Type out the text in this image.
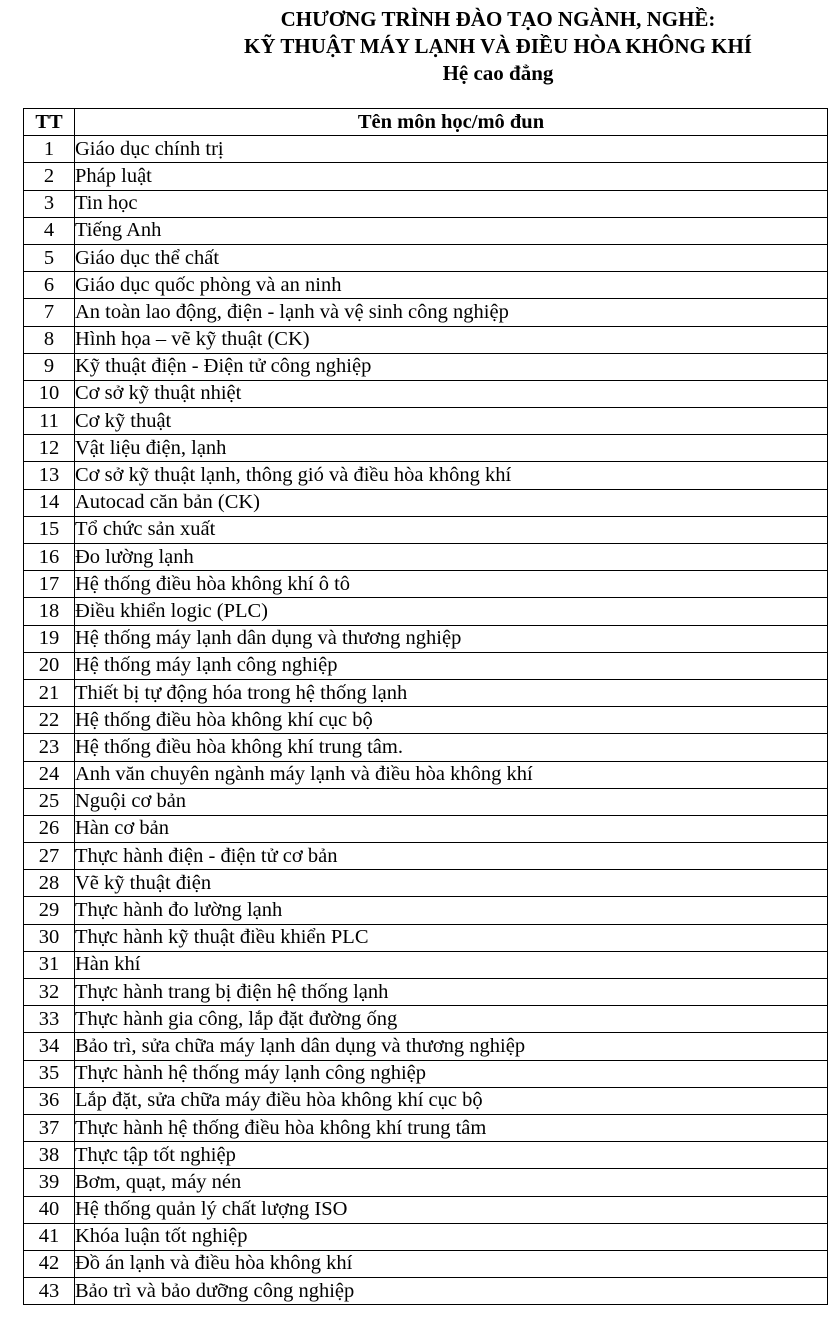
CHƯƠNG TRÌNH ĐÀO TẠO NGÀNH, NGHỀ:
KỸ THUẬT MÁY LẠNH VÀ ĐIỀU HÒA KHÔNG KHÍ
Hệ cao đẳng
TT	Tên môn học/mô đun
1	Giáo dục chính trị
2	Pháp luật
3	Tin học
4	Tiếng Anh
5	Giáo dục thể chất
6	Giáo dục quốc phòng và an ninh
7	An toàn lao động, điện - lạnh và vệ sinh công nghiệp
8	Hình họa – vẽ kỹ thuật (CK)
9	Kỹ thuật điện - Điện tử công nghiệp
10	Cơ sở kỹ thuật nhiệt
11	Cơ kỹ thuật
12	Vật liệu điện, lạnh
13	Cơ sở kỹ thuật lạnh, thông gió và điều hòa không khí
14	Autocad căn bản (CK)
15	Tổ chức sản xuất
16	Đo lường lạnh
17	Hệ thống điều hòa không khí ô tô
18	Điều khiển logic (PLC)
19	Hệ thống máy lạnh dân dụng và thương nghiệp
20	Hệ thống máy lạnh công nghiệp
21	Thiết bị tự động hóa trong hệ thống lạnh
22	Hệ thống điều hòa không khí cục bộ
23	Hệ thống điều hòa không khí trung tâm.
24	Anh văn chuyên ngành máy lạnh và điều hòa không khí
25	Nguội cơ bản
26	Hàn cơ bản
27	Thực hành điện - điện tử cơ bản
28	Vẽ kỹ thuật điện
29	Thực hành đo lường lạnh
30	Thực hành kỹ thuật điều khiển PLC
31	Hàn khí
32	Thực hành trang bị điện hệ thống lạnh
33	Thực hành gia công, lắp đặt đường ống
34	Bảo trì, sửa chữa máy lạnh dân dụng và thương nghiệp
35	Thực hành hệ thống máy lạnh công nghiệp
36	Lắp đặt, sửa chữa máy điều hòa không khí cục bộ
37	Thực hành hệ thống điều hòa không khí trung tâm
38	Thực tập tốt nghiệp
39	Bơm, quạt, máy nén
40	Hệ thống quản lý chất lượng ISO
41	Khóa luận tốt nghiệp
42	Đồ án lạnh và điều hòa không khí
43	Bảo trì và bảo dưỡng công nghiệp
